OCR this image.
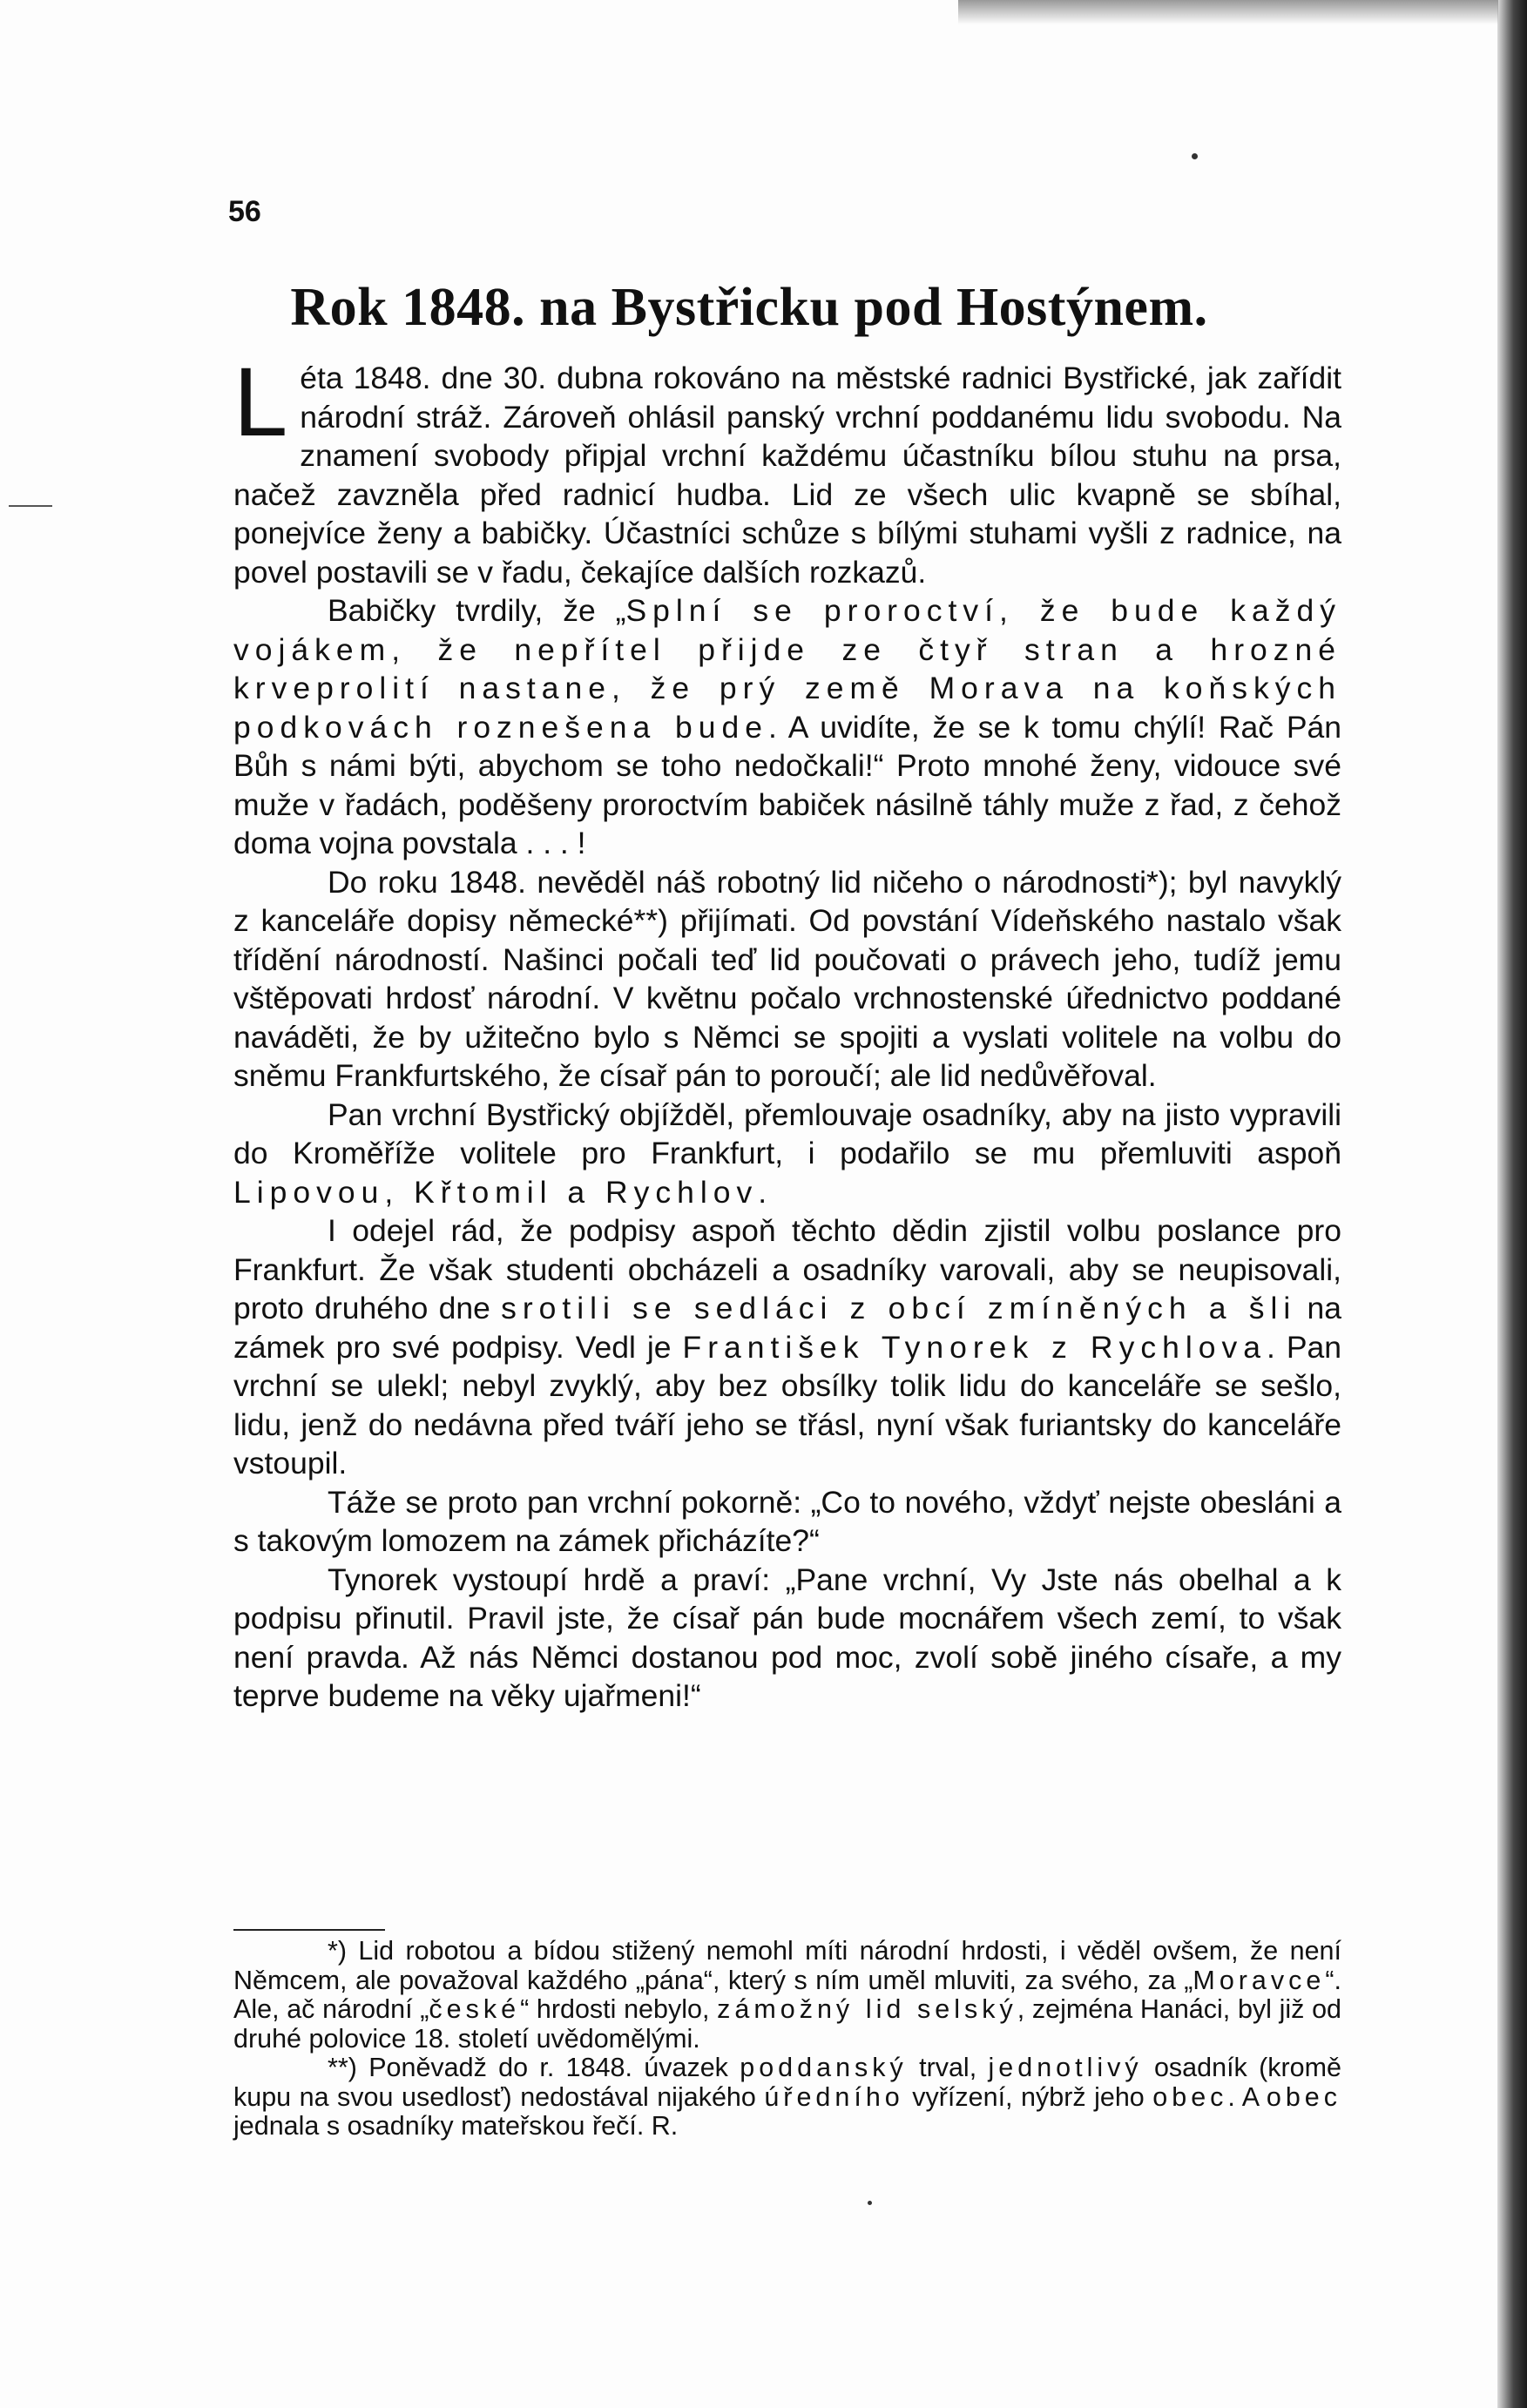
56
Rok 1848. na Bystřicku pod Hostýnem.

Léta 1848. dne 30. dubna rokováno na městské radnici Bystřické, jak zařídit národní stráž. Zároveň ohlásil panský vrchní poddanému lidu svobodu. Na znamení svobody připjal vrchní každému účastníku bílou stuhu na prsa, načež zavzněla před radnicí hudba. Lid ze všech ulic kvapně se sbíhal, ponejvíce ženy a babičky. Účastníci schůze s bílými stuhami vyšli z radnice, na povel postavili se v řadu, čekajíce dalších rozkazů.

Babičky tvrdily, že „Splní se proroctví, že bude každý vojákem, že nepřítel přijde ze čtyř stran a hrozné krveprolití nastane, že prý země Morava na koňských podkovách roznešena bude. A uvidíte, že se k tomu chýlí! Rač Pán Bůh s námi býti, abychom se toho nedočkali!“ Proto mnohé ženy, vidouce své muže v řadách, poděšeny proroctvím babiček násilně táhly muže z řad, z čehož doma vojna povstala . . . !

Do roku 1848. nevěděl náš robotný lid ničeho o národnosti*); byl navyklý z kanceláře dopisy německé**) přijímati. Od povstání Vídeňského nastalo však třídění národností. Našinci počali teď lid poučovati o právech jeho, tudíž jemu vštěpovati hrdosť národní. V květnu počalo vrchnostenské úřednictvo poddané naváděti, že by užitečno bylo s Němci se spojiti a vyslati volitele na volbu do sněmu Frankfurtského, že císař pán to poroučí; ale lid nedůvěřoval.

Pan vrchní Bystřický objížděl, přemlouvaje osadníky, aby na jisto vypravili do Kroměříže volitele pro Frankfurt, i podařilo se mu přemluviti aspoň Lipovou, Křtomil a Rychlov.

I odejel rád, že podpisy aspoň těchto dědin zjistil volbu poslance pro Frankfurt. Že však studenti obcházeli a osadníky varovali, aby se neupisovali, proto druhého dne srotili se sedláci z obcí zmíněných a šli na zámek pro své podpisy. Vedl je František Tynorek z Rychlova. Pan vrchní se ulekl; nebyl zvyklý, aby bez obsílky tolik lidu do kanceláře se sešlo, lidu, jenž do nedávna před tváří jeho se třásl, nyní však furiantsky do kanceláře vstoupil.

Táže se proto pan vrchní pokorně: „Co to nového, vždyť nejste obesláni a s takovým lomozem na zámek přicházíte?“

Tynorek vystoupí hrdě a praví: „Pane vrchní, Vy Jste nás obelhal a k podpisu přinutil. Pravil jste, že císař pán bude mocnářem všech zemí, to však není pravda. Až nás Němci dostanou pod moc, zvolí sobě jiného císaře, a my teprve budeme na věky ujařmeni!“

*) Lid robotou a bídou stižený nemohl míti národní hrdosti, i věděl ovšem, že není Němcem, ale považoval každého „pána“, který s ním uměl mluviti, za svého, za „Moravce“. Ale, ač národní „české“ hrdosti nebylo, zámožný lid selský, zejména Hanáci, byl již od druhé polovice 18. století uvědomělými.

**) Poněvadž do r. 1848. úvazek poddanský trval, jednotlivý osadník (kromě kupu na svou usedlosť) nedostával nijakého úředního vyřízení, nýbrž jeho obec. A obec jednala s osadníky mateřskou řečí. R.
